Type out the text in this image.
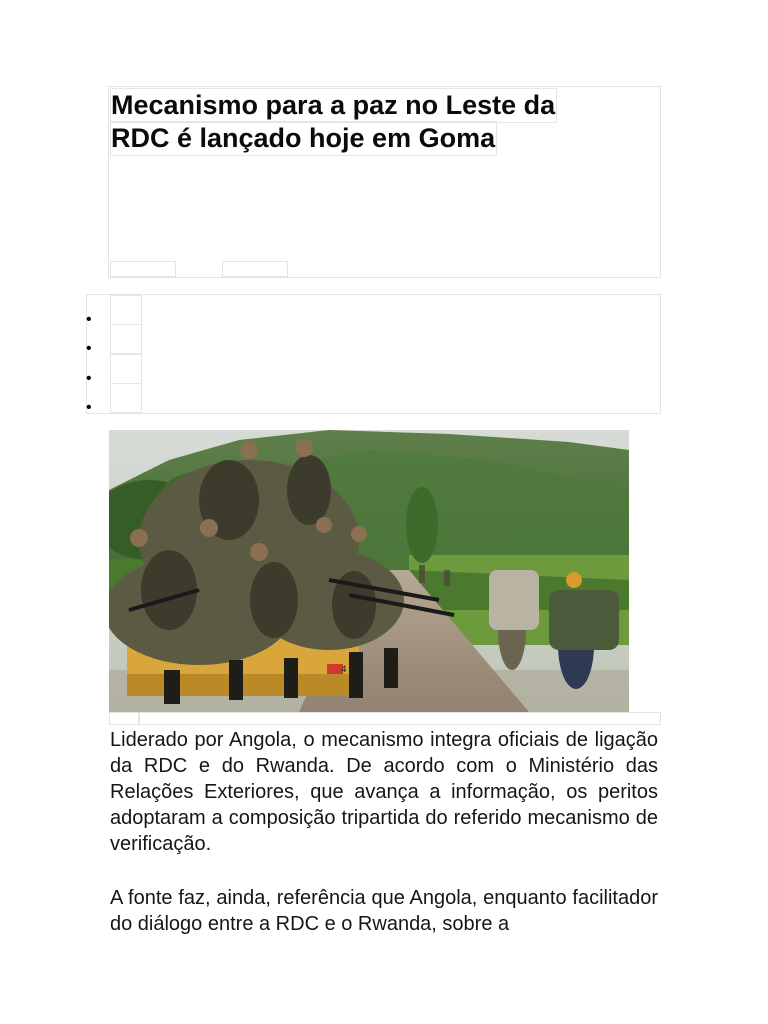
Mecanismo para a paz no Leste da
RDC é lançado hoje em Goma
•
•
•
•
4

Liderado por Angola, o mecanismo integra oficiais de ligação da RDC e do Rwanda. De acordo com o Ministério das Relações Exteriores, que avança a informação, os peritos adoptaram a composição tripartida do referido mecanismo de verificação.

A fonte faz, ainda, referência que Angola, enquanto facilitador do diálogo entre a RDC e o Rwanda, sobre a
